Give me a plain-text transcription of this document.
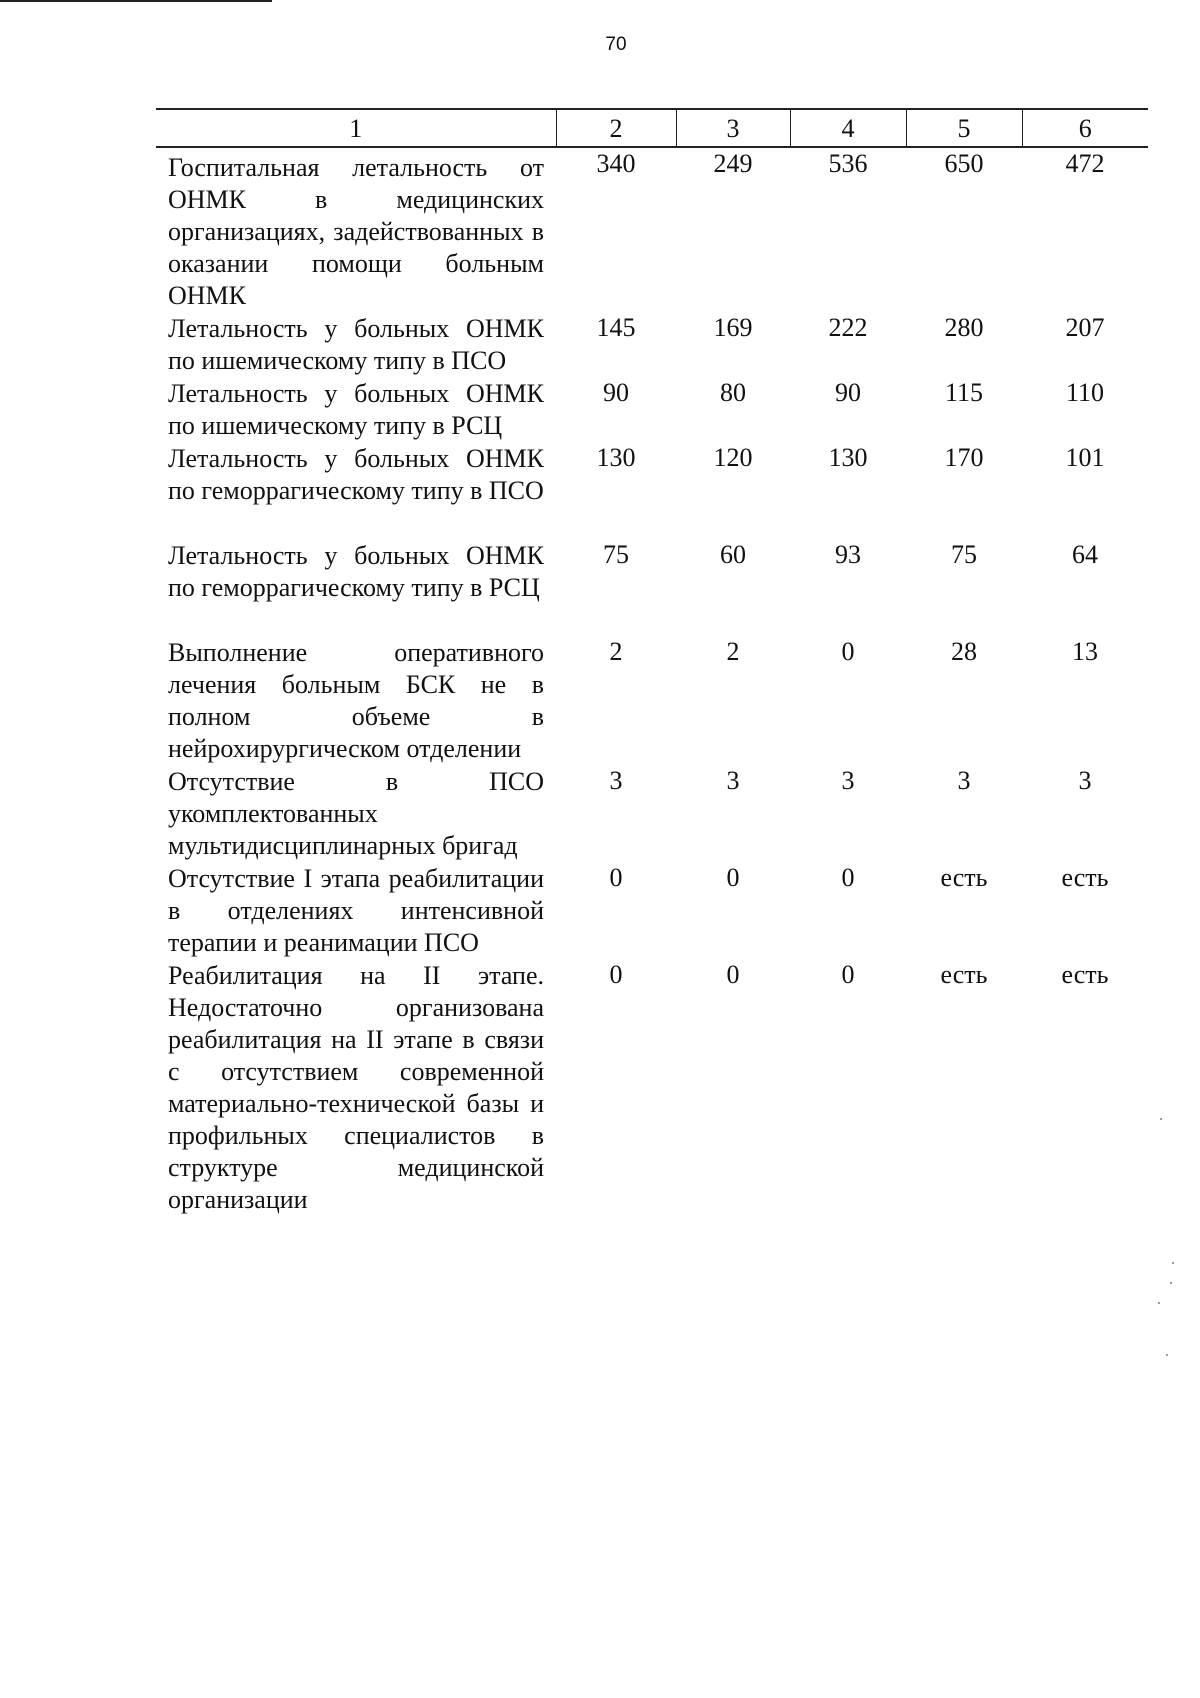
70
1	2	3	4	5	6
Госпитальная летальность от ОНМК в медицинских организациях, задействованных в оказании помощи больным ОНМК	340	249	536	650	472
Летальность у больных ОНМК по ишемическому типу в ПСО	145	169	222	280	207
Летальность у больных ОНМК по ишемическому типу в РСЦ	90	80	90	115	110
Летальность у больных ОНМК по геморрагическому типу в ПСО	130	120	130	170	101
Летальность у больных ОНМК по геморрагическому типу в РСЦ	75	60	93	75	64
Выполнение оперативного лечения больным БСК не в полном объеме в нейрохирургическом отделении	2	2	0	28	13
Отсутствие в ПСО укомплектованных мультидисциплинарных бригад	3	3	3	3	3
Отсутствие I этапа реабилитации в отделениях интенсивной терапии и реанимации ПСО	0	0	0	есть	есть
Реабилитация на II этапе. Недостаточно организована реабилитация на II этапе в связи с отсутствием современной материально-технической базы и профильных специалистов в структуре медицинской организации	0	0	0	есть	есть
